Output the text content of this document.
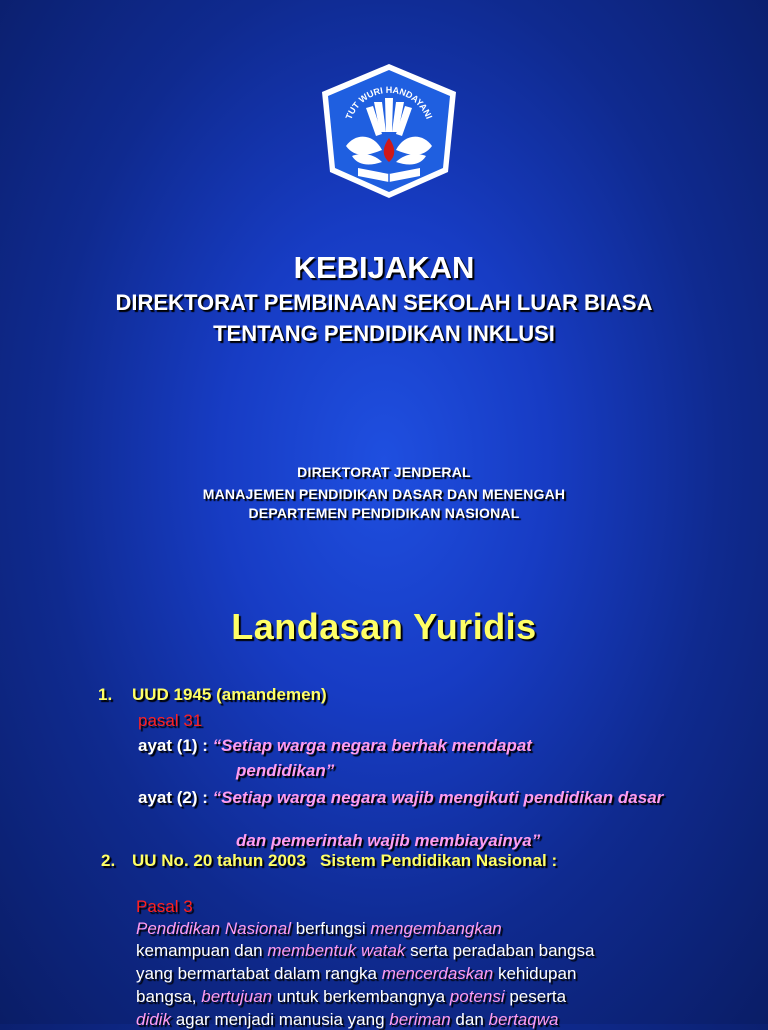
TUT WURI HANDAYANI
KEBIJAKAN
DIREKTORAT PEMBINAAN SEKOLAH LUAR BIASA
TENTANG PENDIDIKAN INKLUSI
DIREKTORAT JENDERAL
MANAJEMEN PENDIDIKAN DASAR DAN MENENGAH
DEPARTEMEN PENDIDIKAN NASIONAL
Landasan Yuridis
1. UUD 1945 (amandemen)
pasal 31
ayat (1) : “Setiap warga negara berhak mendapat
pendidikan”
ayat (2) : “Setiap warga negara wajib mengikuti pendidikan dasar
dan pemerintah wajib membiayainya”
2. UU No. 20 tahun 2003   Sistem Pendidikan Nasional :
Pasal 3
Pendidikan Nasional berfungsi mengembangkan
kemampuan dan membentuk watak serta peradaban bangsa
yang bermartabat dalam rangka mencerdaskan kehidupan
bangsa, bertujuan untuk berkembangnya potensi peserta
didik agar menjadi manusia yang beriman dan bertaqwa
